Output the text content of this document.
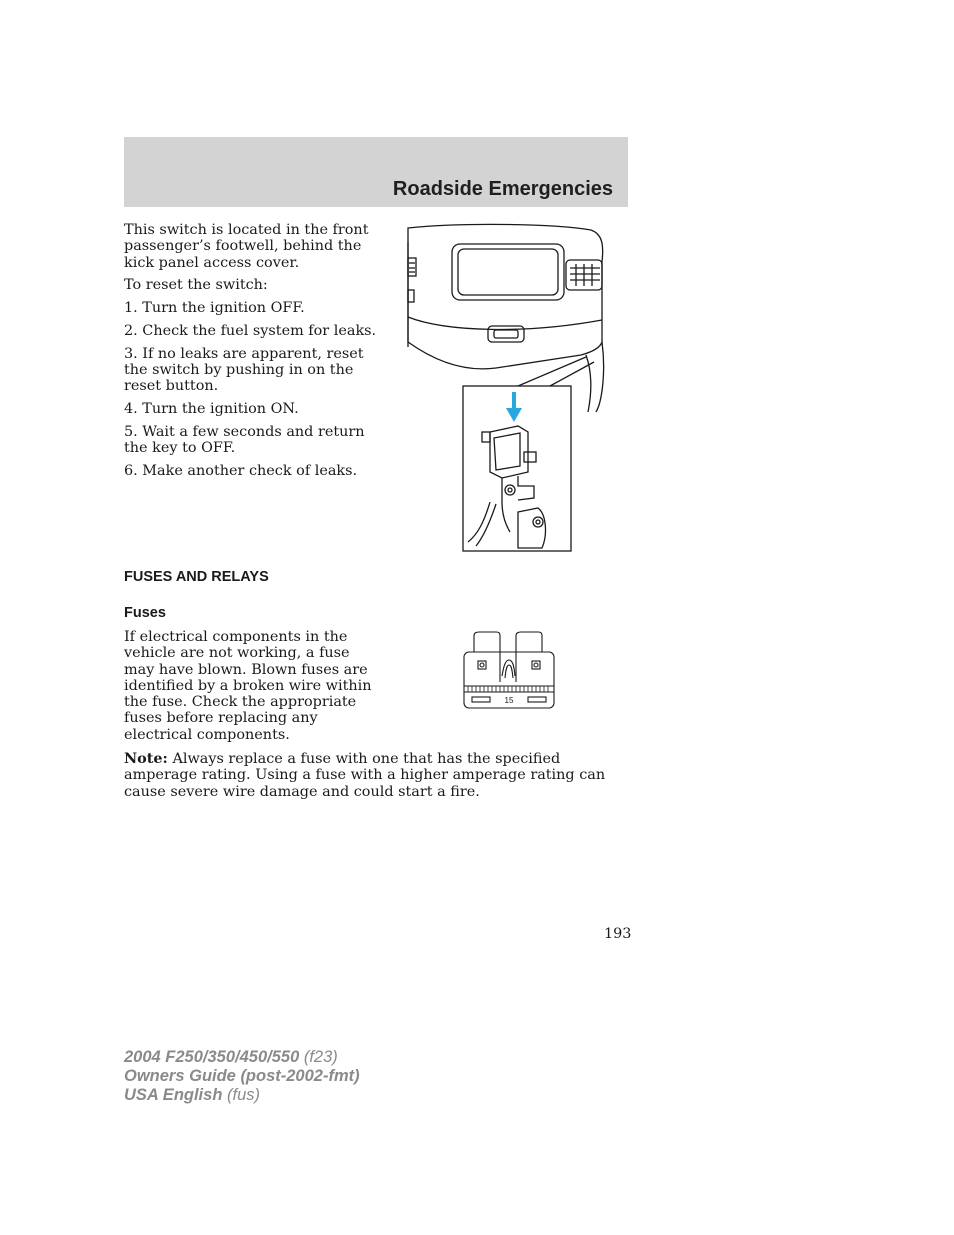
Roadside Emergencies

This switch is located in the front passenger’s footwell, behind the kick panel access cover.

To reset the switch:

1. Turn the ignition OFF.

2. Check the fuel system for leaks.

3. If no leaks are apparent, reset the switch by pushing in on the reset button.

4. Turn the ignition ON.

5. Wait a few seconds and return the key to OFF.

6. Make another check of leaks.

FUSES AND RELAYS
Fuses

If electrical components in the vehicle are not working, a fuse may have blown. Blown fuses are identified by a broken wire within the fuse. Check the appropriate fuses before replacing any electrical components.

15

Note: Always replace a fuse with one that has the specified amperage rating. Using a fuse with a higher amperage rating can cause severe wire damage and could start a fire.

193
2004 F250/350/450/550 (f23)
Owners Guide (post-2002-fmt)
USA English (fus)
